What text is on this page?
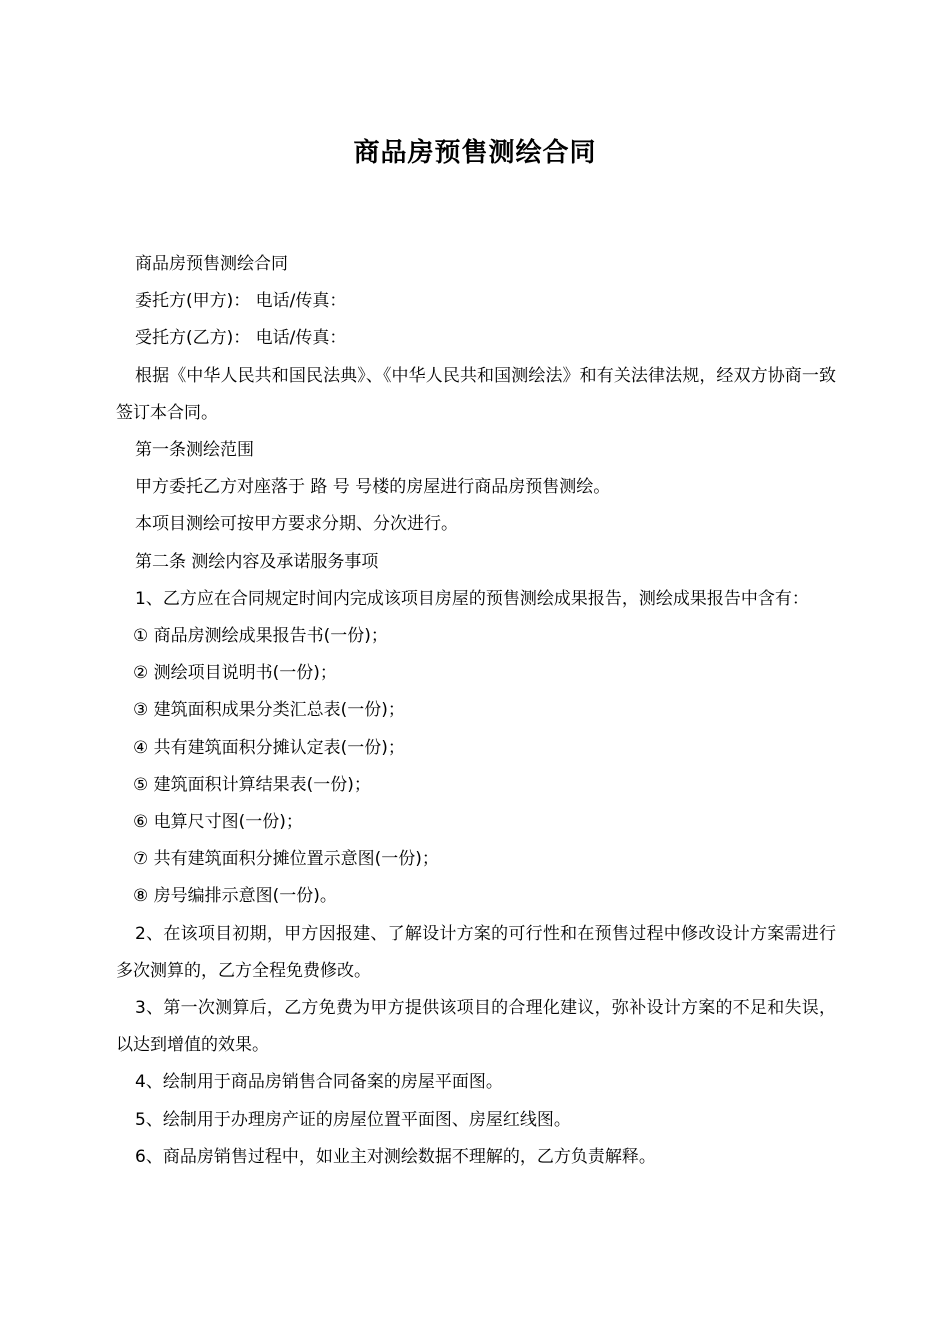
商品房预售测绘合同

商品房预售测绘合同

委托方(甲方)： 电话/传真：

受托方(乙方)： 电话/传真：

根据《中华人民共和国民法典》、《中华人民共和国测绘法》和有关法律法规，经双方协商一致签订本合同。

第一条测绘范围

甲方委托乙方对座落于 路 号 号楼的房屋进行商品房预售测绘。

本项目测绘可按甲方要求分期、分次进行。

第二条 测绘内容及承诺服务事项

1、乙方应在合同规定时间内完成该项目房屋的预售测绘成果报告，测绘成果报告中含有：

① 商品房测绘成果报告书(一份)；

② 测绘项目说明书(一份)；

③ 建筑面积成果分类汇总表(一份)；

④ 共有建筑面积分摊认定表(一份)；

⑤ 建筑面积计算结果表(一份)；

⑥ 电算尺寸图(一份)；

⑦ 共有建筑面积分摊位置示意图(一份)；

⑧ 房号编排示意图(一份)。

2、在该项目初期，甲方因报建、了解设计方案的可行性和在预售过程中修改设计方案需进行多次测算的，乙方全程免费修改。

3、第一次测算后，乙方免费为甲方提供该项目的合理化建议，弥补设计方案的不足和失误，以达到增值的效果。

4、绘制用于商品房销售合同备案的房屋平面图。

5、绘制用于办理房产证的房屋位置平面图、房屋红线图。

6、商品房销售过程中，如业主对测绘数据不理解的，乙方负责解释。
